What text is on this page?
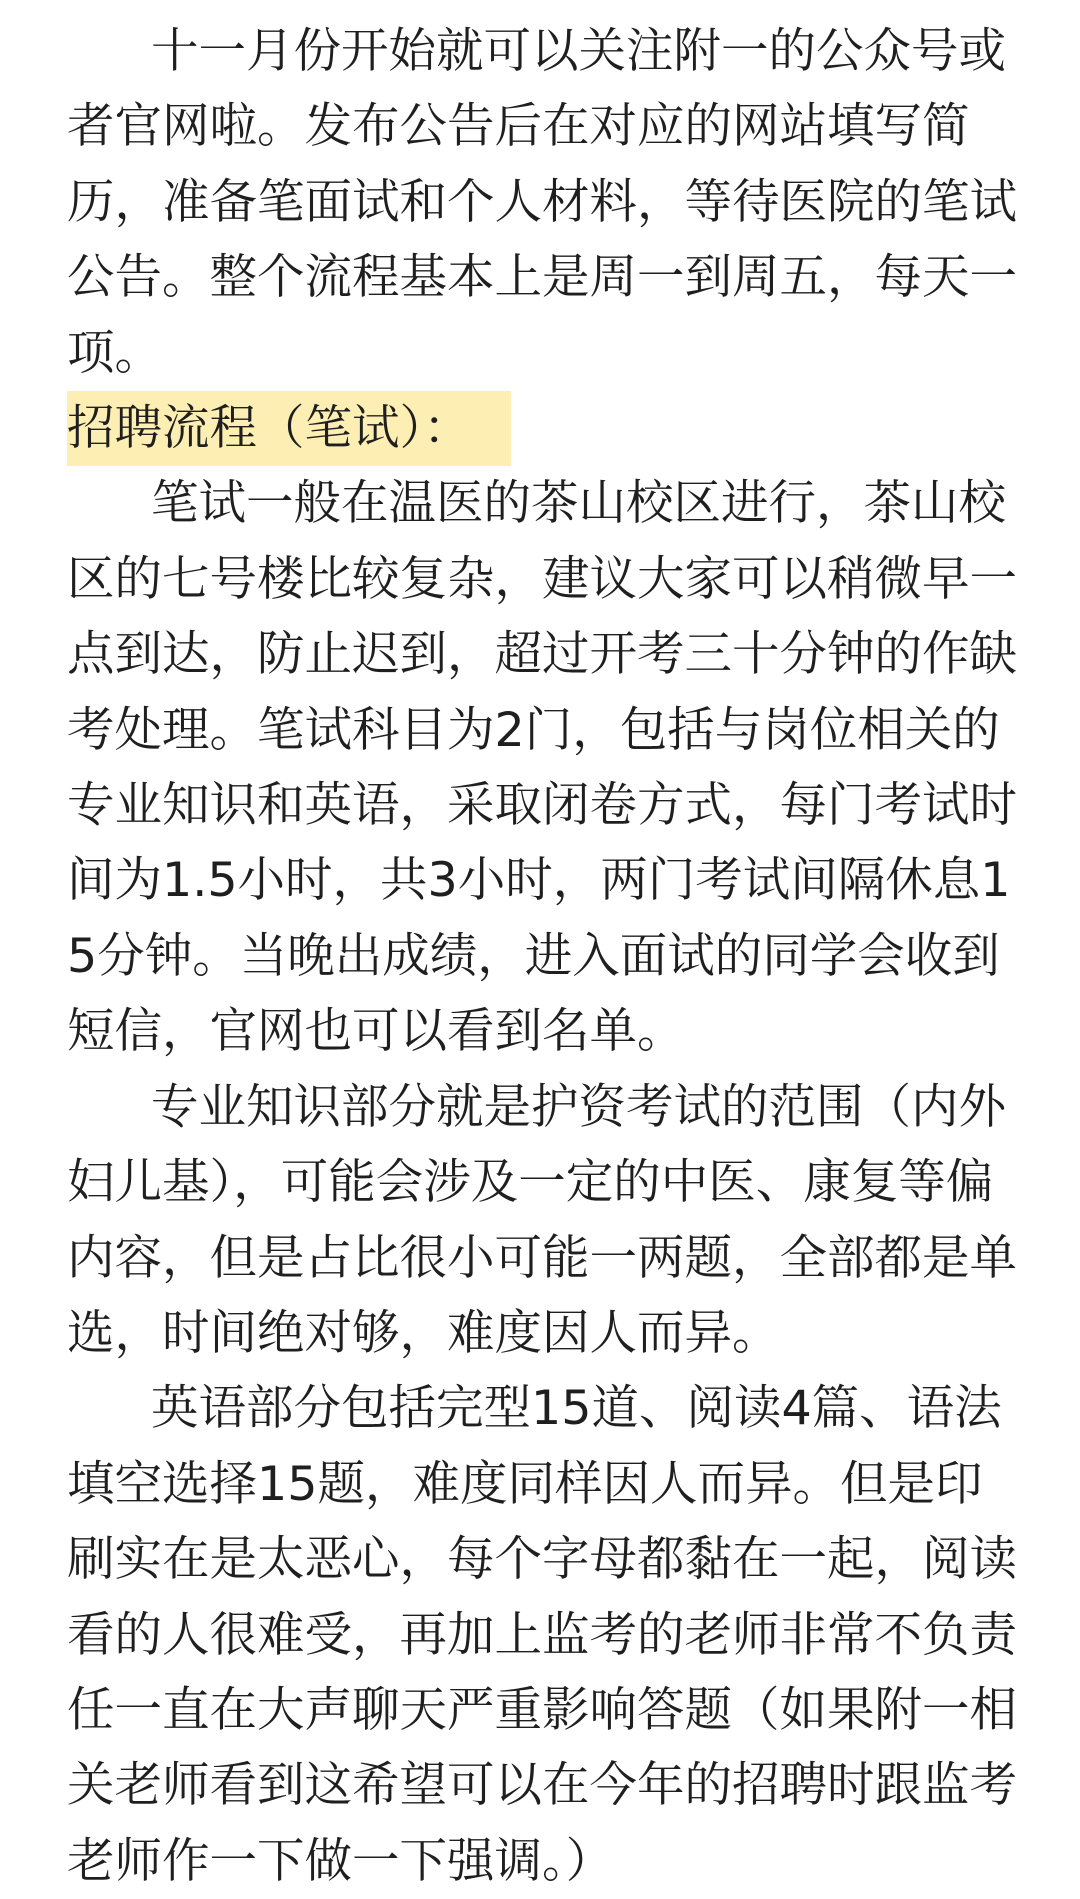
十一月份开始就可以关注附一的公众号或者官网啦。发布公告后在对应的网站填写简历，准备笔面试和个人材料，等待医院的笔试公告。整个流程基本上是周一到周五，每天一项。

招聘流程（笔试）：

笔试一般在温医的茶山校区进行，茶山校区的七号楼比较复杂，建议大家可以稍微早一点到达，防止迟到，超过开考三十分钟的作缺考处理。笔试科目为2门，包括与岗位相关的专业知识和英语，采取闭卷方式，每门考试时间为1.5小时，共3小时，两门考试间隔休息15分钟。当晚出成绩，进入面试的同学会收到短信，官网也可以看到名单。

专业知识部分就是护资考试的范围（内外妇儿基），可能会涉及一定的中医、康复等偏内容，但是占比很小可能一两题，全部都是单选，时间绝对够，难度因人而异。

英语部分包括完型15道、阅读4篇、语法填空选择15题，难度同样因人而异。但是印刷实在是太恶心，每个字母都黏在一起，阅读看的人很难受，再加上监考的老师非常不负责任一直在大声聊天严重影响答题（如果附一相关老师看到这希望可以在今年的招聘时跟监考老师作一下做一下强调。）
